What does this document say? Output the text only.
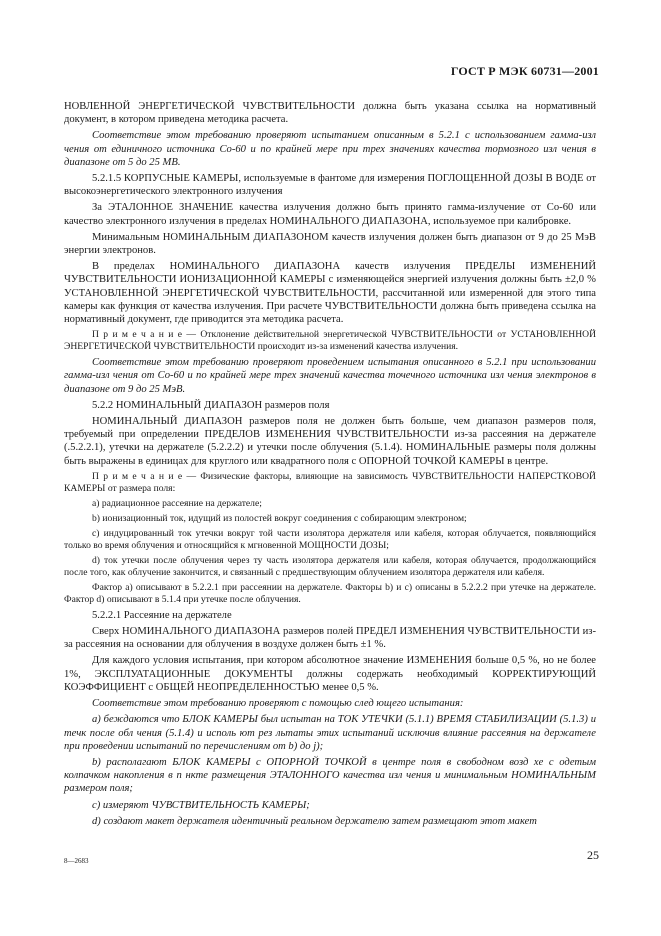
ГОСТ Р МЭК 60731—2001

НОВЛЕННОЙ ЭНЕРГЕТИЧЕСКОЙ ЧУВСТВИТЕЛЬНОСТИ должна быть указана ссылка на нормативный документ, в котором приведена методика расчета.

Соответствие этом требованию проверяют испытанием описанным в 5.2.1 с использованием гамма-изл чения от единичного источника Co-60 и по крайней мере при трех значениях качества тормозного изл чения в диапазоне от 5 до 25 МВ.

5.2.1.5 КОРПУСНЫЕ КАМЕРЫ, используемые в фантоме для измерения ПОГЛОЩЕННОЙ ДОЗЫ В ВОДЕ от высокоэнергетического электронного излучения

За ЭТАЛОННОЕ ЗНАЧЕНИЕ качества излучения должно быть принято гамма-излучение от Co-60 или качество электронного излучения в пределах НОМИНАЛЬНОГО ДИАПАЗОНА, используемое при калибровке.

Минимальным НОМИНАЛЬНЫМ ДИАПАЗОНОМ качеств излучения должен быть диапазон от 9 до 25 МэВ энергии электронов.

В пределах НОМИНАЛЬНОГО ДИАПАЗОНА качеств излучения ПРЕДЕЛЫ ИЗМЕНЕНИЙ ЧУВСТВИТЕЛЬНОСТИ ИОНИЗАЦИОННОЙ КАМЕРЫ с изменяющейся энергией излучения должны быть ±2,0 % УСТАНОВЛЕННОЙ ЭНЕРГЕТИЧЕСКОЙ ЧУВСТВИТЕЛЬНОСТИ, рассчитанной или измеренной для этого типа камеры как функция от качества излучения. При расчете ЧУВСТВИТЕЛЬНОСТИ должна быть приведена ссылка на нормативный документ, где приводится эта методика расчета.

П р и м е ч а н и е — Отклонение действительной энергетической ЧУВСТВИТЕЛЬНОСТИ от УСТАНОВЛЕННОЙ ЭНЕРГЕТИЧЕСКОЙ ЧУВСТВИТЕЛЬНОСТИ происходит из-за изменений качества излучения.

Соответствие этом требованию проверяют проведением испытания описанного в 5.2.1 при использовании гамма-изл чения от Co-60 и по крайней мере трех значений качества точечного источника изл чения электронов в диапазоне от 9 до 25 МэВ.

5.2.2 НОМИНАЛЬНЫЙ ДИАПАЗОН размеров поля

НОМИНАЛЬНЫЙ ДИАПАЗОН размеров поля не должен быть больше, чем диапазон размеров поля, требуемый при определении ПРЕДЕЛОВ ИЗМЕНЕНИЯ ЧУВСТВИТЕЛЬНОСТИ из-за рассеяния на держателе (.5.2.2.1), утечки на держателе (5.2.2.2) и утечки после облучения (5.1.4). НОМИНАЛЬНЫЕ размеры поля должны быть выражены в единицах для круглого или квадратного поля с ОПОРНОЙ ТОЧКОЙ КАМЕРЫ в центре.

П р и м е ч а н и е — Физические факторы, влияющие на зависимость ЧУВСТВИТЕЛЬНОСТИ НАПЕРСТКОВОЙ КАМЕРЫ от размера поля:

a) радиационное рассеяние на держателе;

b) ионизационный ток, идущий из полостей вокруг соединения с собирающим электроном;

c) индуцированный ток утечки вокруг той части изолятора держателя или кабеля, которая облучается, появляющийся только во время облучения и относящийся к мгновенной МОЩНОСТИ ДОЗЫ;

d) ток утечки после облучения через ту часть изолятора держателя или кабеля, которая облучается, продолжающийся после того, как облучение закончится, и связанный с предшествующим облучением изолятора держателя или кабеля.

Фактор a) описывают в 5.2.2.1 при рассеянии на держателе. Факторы b) и c) описаны в 5.2.2.2 при утечке на держателе. Фактор d) описывают в 5.1.4 при утечке после облучения.

5.2.2.1 Рассеяние на держателе

Сверх НОМИНАЛЬНОГО ДИАПАЗОНА размеров полей ПРЕДЕЛ ИЗМЕНЕНИЯ ЧУВСТВИТЕЛЬНОСТИ из-за рассеяния на основании для облучения в воздухе должен быть ±1 %.

Для каждого условия испытания, при котором абсолютное значение ИЗМЕНЕНИЯ больше 0,5 %, но не более 1%, ЭКСПЛУАТАЦИОННЫЕ ДОКУМЕНТЫ должны содержать необходимый КОРРЕКТИРУЮЩИЙ КОЭФФИЦИЕНТ с ОБЩЕЙ НЕОПРЕДЕЛЕННОСТЬЮ менее 0,5 %.

Соответствие этом требованию проверяют с помощью след ющего испытания:

a) беждаются что БЛОК КАМЕРЫ был испытан на ТОК УТЕЧКИ (5.1.1) ВРЕМЯ СТАБИЛИЗАЦИИ (5.1.3) и течк после обл чения (5.1.4) и исполь ют рез льтаты этих испытаний исключив влияние рассеяния на держателе при проведении испытаний по перечислениям от b) до j);

b) располагают БЛОК КАМЕРЫ с ОПОРНОЙ ТОЧКОЙ в центре поля в свободном возд хе с одетым колпачком накопления в п нкте размещения ЭТАЛОННОГО качества изл чения и минимальным НОМИНАЛЬНЫМ размером поля;

c) измеряют ЧУВСТВИТЕЛЬНОСТЬ КАМЕРЫ;

d) создают макет держателя идентичный реальном держателю затем размещают этот макет

8—2683	25
